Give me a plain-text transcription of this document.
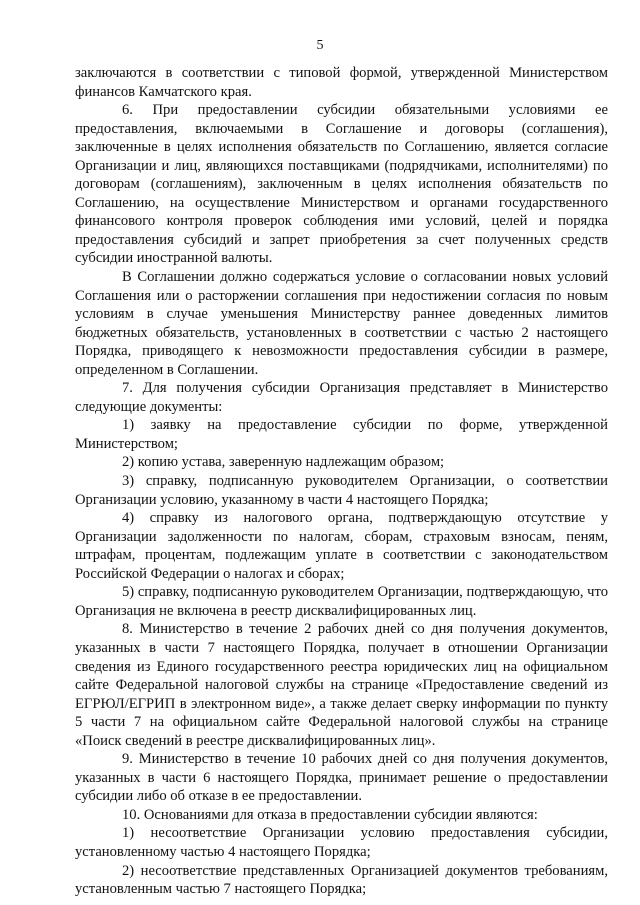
5

заключаются в соответствии с типовой формой, утвержденной Министерством финансов Камчатского края.

6. При предоставлении субсидии обязательными условиями ее предоставления, включаемыми в Соглашение и договоры (соглашения), заключенные в целях исполнения обязательств по Соглашению, является согласие Организации и лиц, являющихся поставщиками (подрядчиками, исполнителями) по договорам (соглашениям), заключенным в целях исполнения обязательств по Соглашению, на осуществление Министерством и органами государственного финансового контроля проверок соблюдения ими условий, целей и порядка предоставления субсидий и запрет приобретения за счет полученных средств субсидии иностранной валюты.

В Соглашении должно содержаться условие о согласовании новых условий Соглашения или о расторжении соглашения при недостижении согласия по новым условиям в случае уменьшения Министерству раннее доведенных лимитов бюджетных обязательств, установленных в соответствии с частью 2 настоящего Порядка, приводящего к невозможности предоставления субсидии в размере, определенном в Соглашении.

7. Для получения субсидии Организация представляет в Министерство следующие документы:

1) заявку на предоставление субсидии по форме, утвержденной Министерством;

2) копию устава, заверенную надлежащим образом;

3) справку, подписанную руководителем Организации, о соответствии Организации условию, указанному в части 4 настоящего Порядка;

4) справку из налогового органа, подтверждающую отсутствие у Организации задолженности по налогам, сборам, страховым взносам, пеням, штрафам, процентам, подлежащим уплате в соответствии с законодательством Российской Федерации о налогах и сборах;

5) справку, подписанную руководителем Организации, подтверждающую, что Организация не включена в реестр дисквалифицированных лиц.

8. Министерство в течение 2 рабочих дней со дня получения документов, указанных в части 7 настоящего Порядка, получает в отношении Организации сведения из Единого государственного реестра юридических лиц на официальном сайте Федеральной налоговой службы на странице «Предоставление сведений из ЕГРЮЛ/ЕГРИП в электронном виде», а также делает сверку информации по пункту 5 части 7 на официальном сайте Федеральной налоговой службы на странице «Поиск сведений в реестре дисквалифицированных лиц».

9. Министерство в течение 10 рабочих дней со дня получения документов, указанных в части 6 настоящего Порядка, принимает решение о предоставлении субсидии либо об отказе в ее предоставлении.

10. Основаниями для отказа в предоставлении субсидии являются:

1) несоответствие Организации условию предоставления субсидии, установленному частью 4 настоящего Порядка;

2) несоответствие представленных Организацией документов требованиям, установленным частью 7 настоящего Порядка;
